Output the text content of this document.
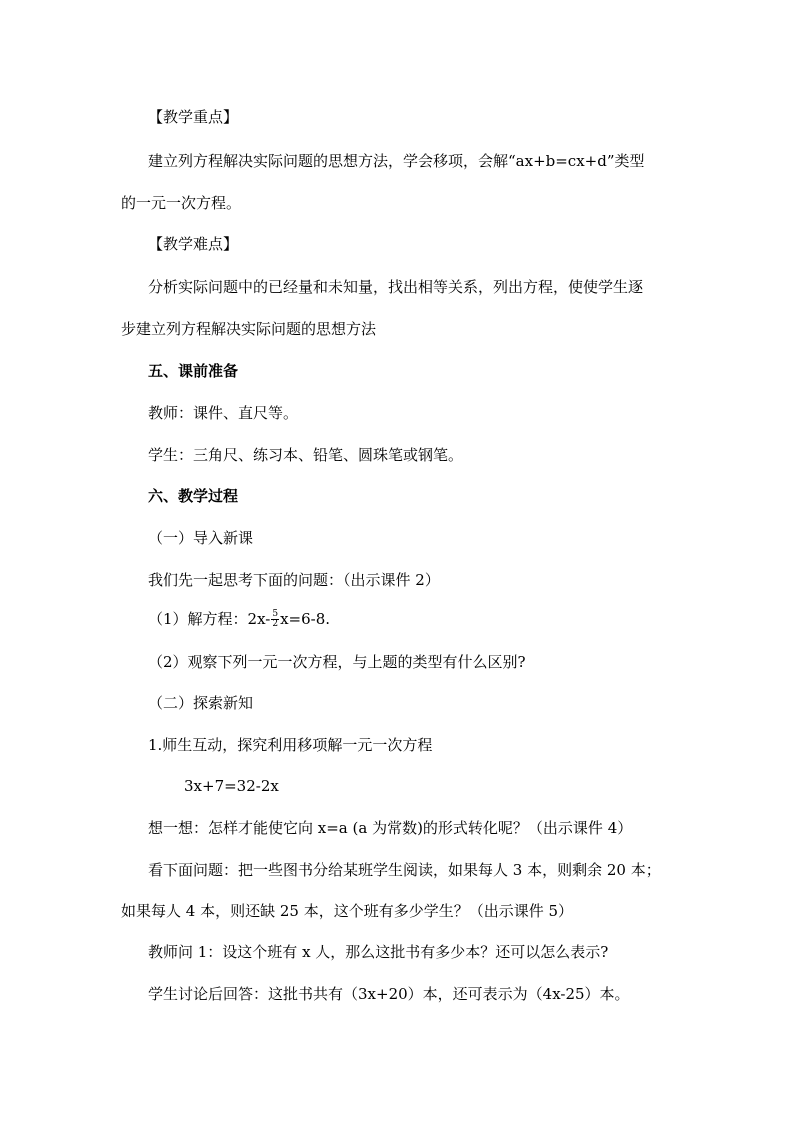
【教学重点】
建立列方程解决实际问题的思想方法，学会移项，会解“ax+b=cx+d”类型
的一元一次方程。
【教学难点】
分析实际问题中的已经量和未知量，找出相等关系，列出方程，使使学生逐
步建立列方程解决实际问题的思想方法
五、课前准备
教师：课件、直尺等。
学生：三角尺、练习本、铅笔、圆珠笔或钢笔。
六、教学过程
（一）导入新课
我们先一起思考下面的问题：（出示课件 2）
（1）解方程：$2x- \frac{5}{2} x=6-8$.
（2）观察下列一元一次方程，与上题的类型有什么区别?
（二）探索新知
1.师生互动，探究利用移项解一元一次方程
3x+7=32-2x
想一想：怎样才能使它向 x=a (a 为常数)的形式转化呢？（出示课件 4）
看下面问题：把一些图书分给某班学生阅读，如果每人 3 本，则剩余 20 本；
如果每人 4 本，则还缺 25 本，这个班有多少学生？（出示课件 5）
教师问 1：设这个班有 x 人，那么这批书有多少本？还可以怎么表示?
学生讨论后回答：这批书共有（3x+20）本，还可表示为（4x-25）本。
